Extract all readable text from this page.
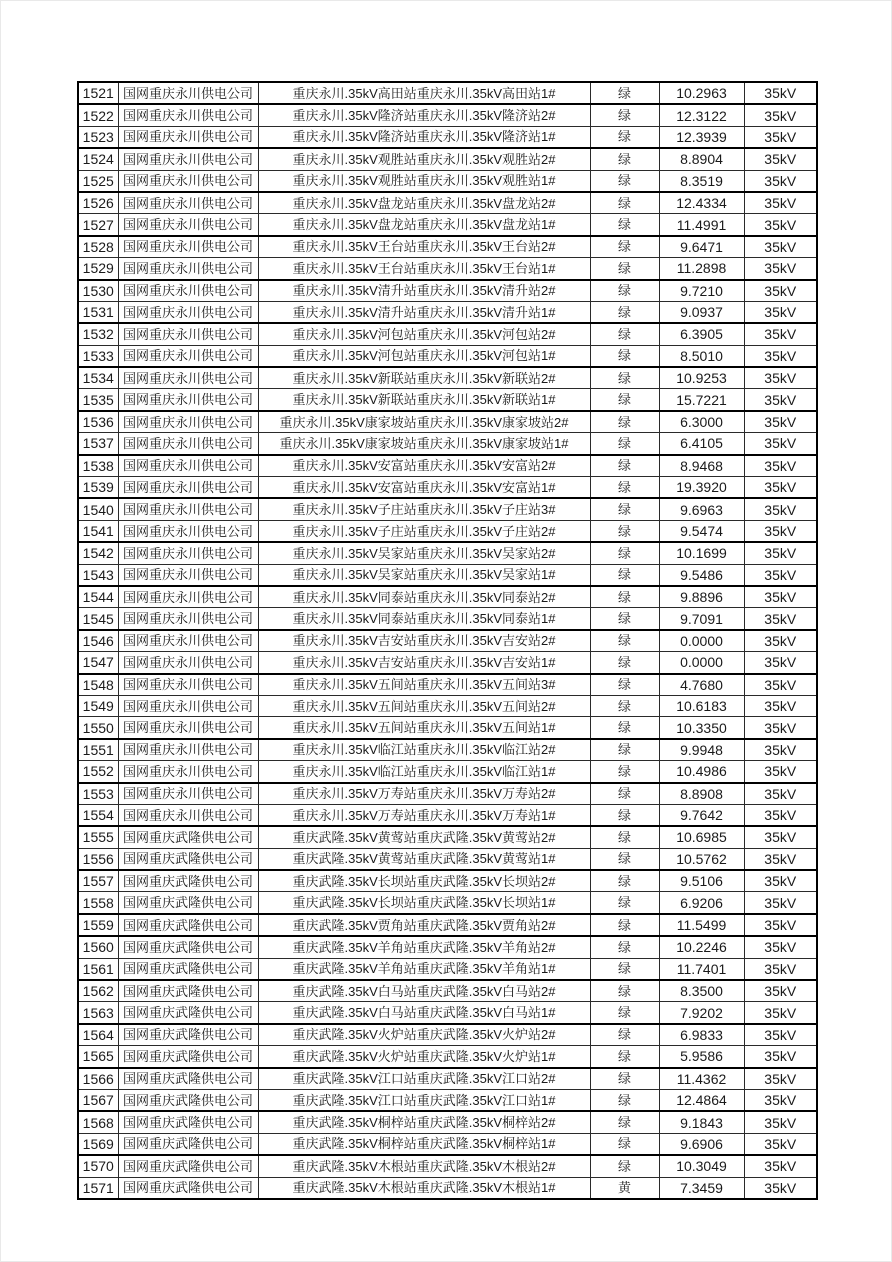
1521	国网重庆永川供电公司	重庆永川.35kV高田站重庆永川.35kV高田站1#	绿	10.2963	35kV
1522	国网重庆永川供电公司	重庆永川.35kV隆济站重庆永川.35kV隆济站2#	绿	12.3122	35kV
1523	国网重庆永川供电公司	重庆永川.35kV隆济站重庆永川.35kV隆济站1#	绿	12.3939	35kV
1524	国网重庆永川供电公司	重庆永川.35kV观胜站重庆永川.35kV观胜站2#	绿	8.8904	35kV
1525	国网重庆永川供电公司	重庆永川.35kV观胜站重庆永川.35kV观胜站1#	绿	8.3519	35kV
1526	国网重庆永川供电公司	重庆永川.35kV盘龙站重庆永川.35kV盘龙站2#	绿	12.4334	35kV
1527	国网重庆永川供电公司	重庆永川.35kV盘龙站重庆永川.35kV盘龙站1#	绿	11.4991	35kV
1528	国网重庆永川供电公司	重庆永川.35kV王台站重庆永川.35kV王台站2#	绿	9.6471	35kV
1529	国网重庆永川供电公司	重庆永川.35kV王台站重庆永川.35kV王台站1#	绿	11.2898	35kV
1530	国网重庆永川供电公司	重庆永川.35kV清升站重庆永川.35kV清升站2#	绿	9.7210	35kV
1531	国网重庆永川供电公司	重庆永川.35kV清升站重庆永川.35kV清升站1#	绿	9.0937	35kV
1532	国网重庆永川供电公司	重庆永川.35kV河包站重庆永川.35kV河包站2#	绿	6.3905	35kV
1533	国网重庆永川供电公司	重庆永川.35kV河包站重庆永川.35kV河包站1#	绿	8.5010	35kV
1534	国网重庆永川供电公司	重庆永川.35kV新联站重庆永川.35kV新联站2#	绿	10.9253	35kV
1535	国网重庆永川供电公司	重庆永川.35kV新联站重庆永川.35kV新联站1#	绿	15.7221	35kV
1536	国网重庆永川供电公司	重庆永川.35kV康家坡站重庆永川.35kV康家坡站2#	绿	6.3000	35kV
1537	国网重庆永川供电公司	重庆永川.35kV康家坡站重庆永川.35kV康家坡站1#	绿	6.4105	35kV
1538	国网重庆永川供电公司	重庆永川.35kV安富站重庆永川.35kV安富站2#	绿	8.9468	35kV
1539	国网重庆永川供电公司	重庆永川.35kV安富站重庆永川.35kV安富站1#	绿	19.3920	35kV
1540	国网重庆永川供电公司	重庆永川.35kV子庄站重庆永川.35kV子庄站3#	绿	9.6963	35kV
1541	国网重庆永川供电公司	重庆永川.35kV子庄站重庆永川.35kV子庄站2#	绿	9.5474	35kV
1542	国网重庆永川供电公司	重庆永川.35kV吴家站重庆永川.35kV吴家站2#	绿	10.1699	35kV
1543	国网重庆永川供电公司	重庆永川.35kV吴家站重庆永川.35kV吴家站1#	绿	9.5486	35kV
1544	国网重庆永川供电公司	重庆永川.35kV同泰站重庆永川.35kV同泰站2#	绿	9.8896	35kV
1545	国网重庆永川供电公司	重庆永川.35kV同泰站重庆永川.35kV同泰站1#	绿	9.7091	35kV
1546	国网重庆永川供电公司	重庆永川.35kV吉安站重庆永川.35kV吉安站2#	绿	0.0000	35kV
1547	国网重庆永川供电公司	重庆永川.35kV吉安站重庆永川.35kV吉安站1#	绿	0.0000	35kV
1548	国网重庆永川供电公司	重庆永川.35kV五间站重庆永川.35kV五间站3#	绿	4.7680	35kV
1549	国网重庆永川供电公司	重庆永川.35kV五间站重庆永川.35kV五间站2#	绿	10.6183	35kV
1550	国网重庆永川供电公司	重庆永川.35kV五间站重庆永川.35kV五间站1#	绿	10.3350	35kV
1551	国网重庆永川供电公司	重庆永川.35kV临江站重庆永川.35kV临江站2#	绿	9.9948	35kV
1552	国网重庆永川供电公司	重庆永川.35kV临江站重庆永川.35kV临江站1#	绿	10.4986	35kV
1553	国网重庆永川供电公司	重庆永川.35kV万寿站重庆永川.35kV万寿站2#	绿	8.8908	35kV
1554	国网重庆永川供电公司	重庆永川.35kV万寿站重庆永川.35kV万寿站1#	绿	9.7642	35kV
1555	国网重庆武隆供电公司	重庆武隆.35kV黄莺站重庆武隆.35kV黄莺站2#	绿	10.6985	35kV
1556	国网重庆武隆供电公司	重庆武隆.35kV黄莺站重庆武隆.35kV黄莺站1#	绿	10.5762	35kV
1557	国网重庆武隆供电公司	重庆武隆.35kV长坝站重庆武隆.35kV长坝站2#	绿	9.5106	35kV
1558	国网重庆武隆供电公司	重庆武隆.35kV长坝站重庆武隆.35kV长坝站1#	绿	6.9206	35kV
1559	国网重庆武隆供电公司	重庆武隆.35kV贾角站重庆武隆.35kV贾角站2#	绿	11.5499	35kV
1560	国网重庆武隆供电公司	重庆武隆.35kV羊角站重庆武隆.35kV羊角站2#	绿	10.2246	35kV
1561	国网重庆武隆供电公司	重庆武隆.35kV羊角站重庆武隆.35kV羊角站1#	绿	11.7401	35kV
1562	国网重庆武隆供电公司	重庆武隆.35kV白马站重庆武隆.35kV白马站2#	绿	8.3500	35kV
1563	国网重庆武隆供电公司	重庆武隆.35kV白马站重庆武隆.35kV白马站1#	绿	7.9202	35kV
1564	国网重庆武隆供电公司	重庆武隆.35kV火炉站重庆武隆.35kV火炉站2#	绿	6.9833	35kV
1565	国网重庆武隆供电公司	重庆武隆.35kV火炉站重庆武隆.35kV火炉站1#	绿	5.9586	35kV
1566	国网重庆武隆供电公司	重庆武隆.35kV江口站重庆武隆.35kV江口站2#	绿	11.4362	35kV
1567	国网重庆武隆供电公司	重庆武隆.35kV江口站重庆武隆.35kV江口站1#	绿	12.4864	35kV
1568	国网重庆武隆供电公司	重庆武隆.35kV桐梓站重庆武隆.35kV桐梓站2#	绿	9.1843	35kV
1569	国网重庆武隆供电公司	重庆武隆.35kV桐梓站重庆武隆.35kV桐梓站1#	绿	9.6906	35kV
1570	国网重庆武隆供电公司	重庆武隆.35kV木根站重庆武隆.35kV木根站2#	绿	10.3049	35kV
1571	国网重庆武隆供电公司	重庆武隆.35kV木根站重庆武隆.35kV木根站1#	黄	7.3459	35kV
